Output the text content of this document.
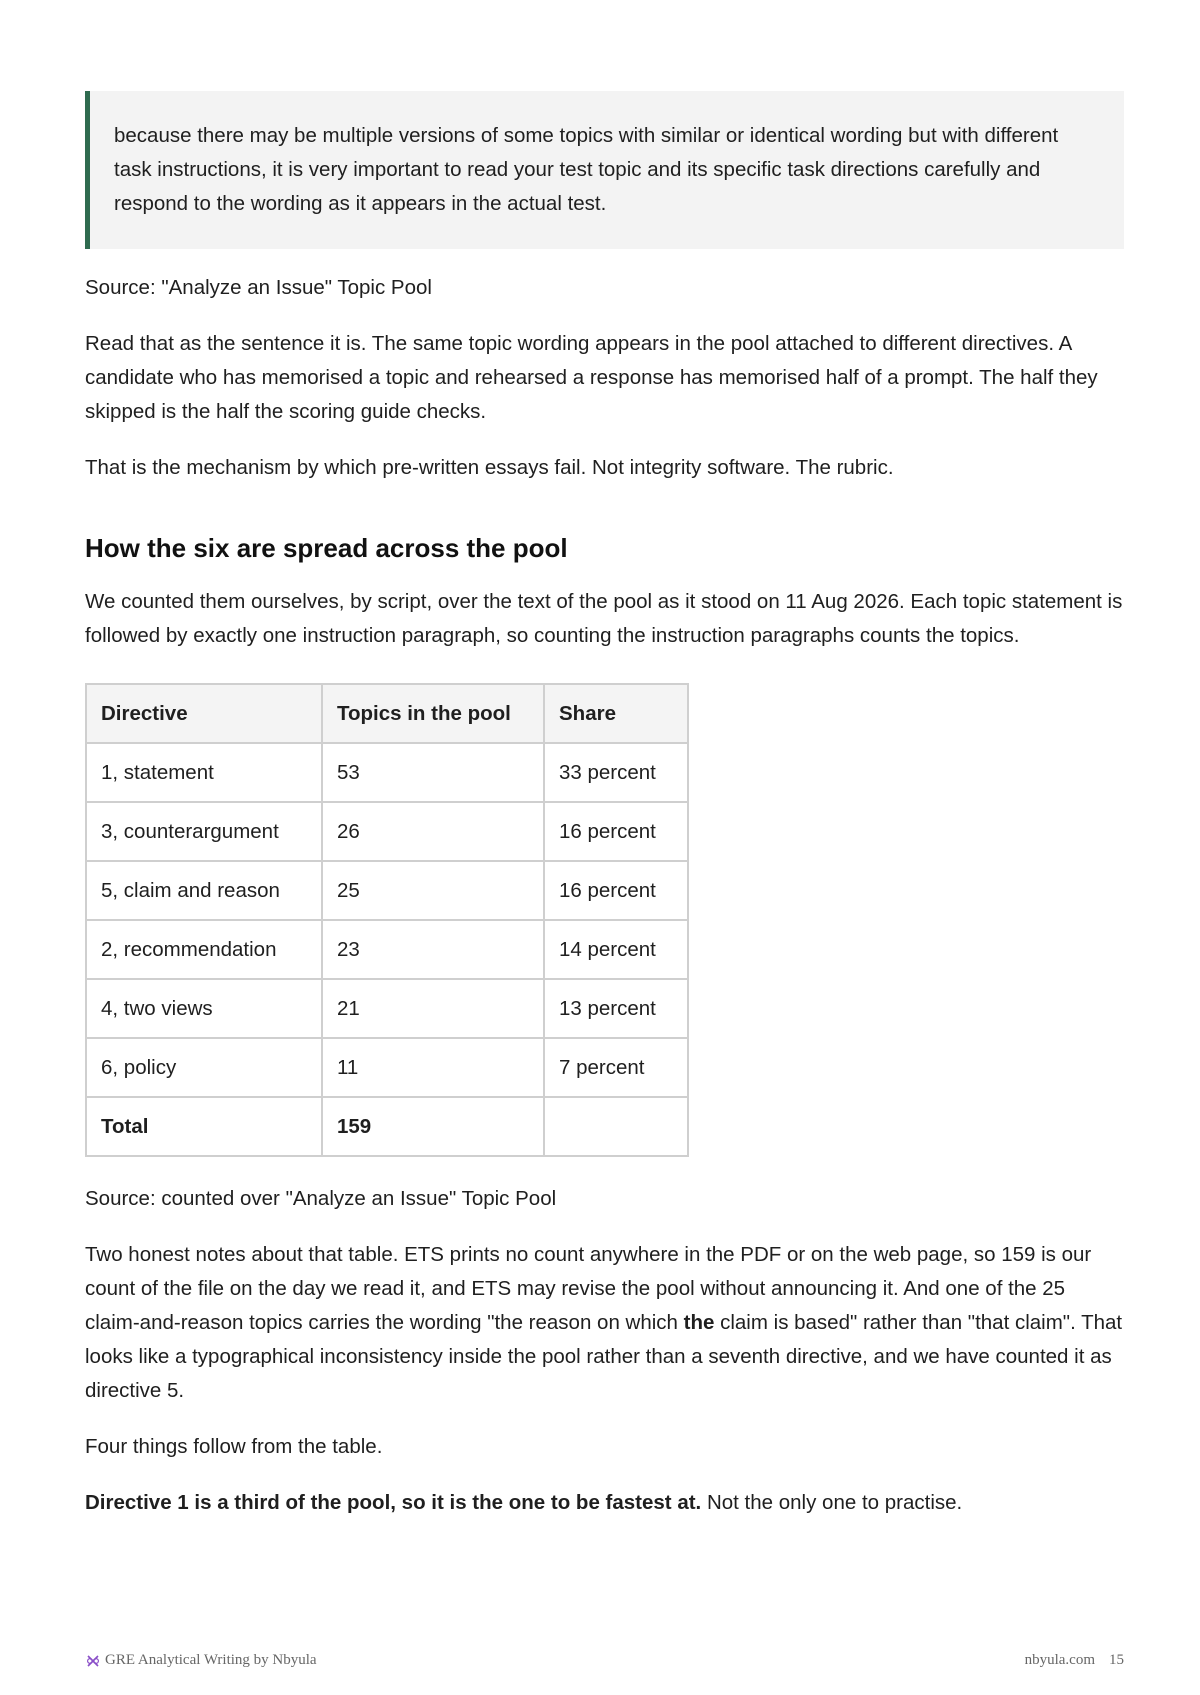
because there may be multiple versions of some topics with similar or identical wording but with different task instructions, it is very important to read your test topic and its specific task directions carefully and respond to the wording as it appears in the actual test.

Source: "Analyze an Issue" Topic Pool

Read that as the sentence it is. The same topic wording appears in the pool attached to different directives. A candidate who has memorised a topic and rehearsed a response has memorised half of a prompt. The half they skipped is the half the scoring guide checks.

That is the mechanism by which pre-written essays fail. Not integrity software. The rubric.

How the six are spread across the pool

We counted them ourselves, by script, over the text of the pool as it stood on 11 Aug 2026. Each topic statement is followed by exactly one instruction paragraph, so counting the instruction paragraphs counts the topics.

Directive	Topics in the pool	Share
1, statement	53	33 percent
3, counterargument	26	16 percent
5, claim and reason	25	16 percent
2, recommendation	23	14 percent
4, two views	21	13 percent
6, policy	11	7 percent
Total	159	

Source: counted over "Analyze an Issue" Topic Pool

Two honest notes about that table. ETS prints no count anywhere in the PDF or on the web page, so 159 is our count of the file on the day we read it, and ETS may revise the pool without announcing it. And one of the 25 claim-and-reason topics carries the wording "the reason on which the claim is based" rather than "that claim". That looks like a typographical inconsistency inside the pool rather than a seventh directive, and we have counted it as directive 5.

Four things follow from the table.

Directive 1 is a third of the pool, so it is the one to be fastest at. Not the only one to practise.

GRE Analytical Writing by Nbyula	nbyula.com 15
